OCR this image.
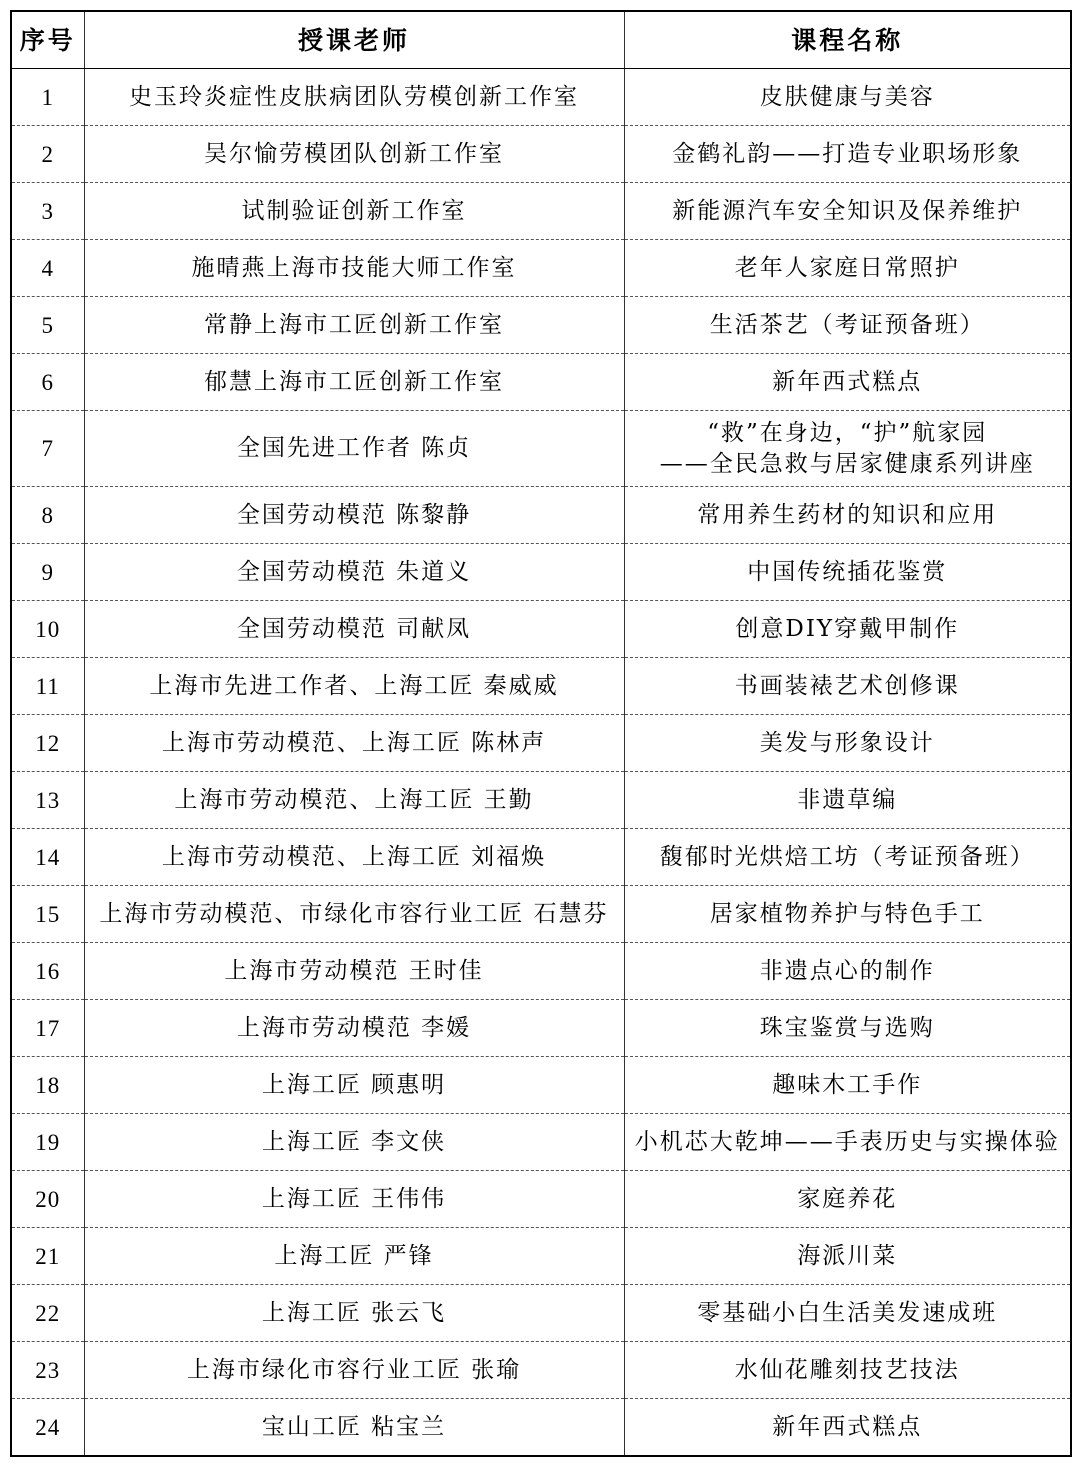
序号	授课老师	课程名称
1	史玉玲炎症性皮肤病团队劳模创新工作室	皮肤健康与美容
2	吴尔愉劳模团队创新工作室	金鹤礼韵——打造专业职场形象
3	试制验证创新工作室	新能源汽车安全知识及保养维护
4	施晴燕上海市技能大师工作室	老年人家庭日常照护
5	常静上海市工匠创新工作室	生活茶艺（考证预备班）
6	郁慧上海市工匠创新工作室	新年西式糕点
7	全国先进工作者 陈贞	“救”在身边，“护”航家园
——全民急救与居家健康系列讲座

8	全国劳动模范 陈黎静	常用养生药材的知识和应用
9	全国劳动模范 朱道义	中国传统插花鉴赏
10	全国劳动模范 司献凤	创意DIY穿戴甲制作
11	上海市先进工作者、上海工匠 秦威威	书画装裱艺术创修课
12	上海市劳动模范、上海工匠 陈林声	美发与形象设计
13	上海市劳动模范、上海工匠 王勤	非遗草编
14	上海市劳动模范、上海工匠 刘福焕	馥郁时光烘焙工坊（考证预备班）
15	上海市劳动模范、市绿化市容行业工匠 石慧芬	居家植物养护与特色手工
16	上海市劳动模范 王时佳	非遗点心的制作
17	上海市劳动模范 李媛	珠宝鉴赏与选购
18	上海工匠 顾惠明	趣味木工手作
19	上海工匠 李文侠	小机芯大乾坤——手表历史与实操体验
20	上海工匠 王伟伟	家庭养花
21	上海工匠 严锋	海派川菜
22	上海工匠 张云飞	零基础小白生活美发速成班
23	上海市绿化市容行业工匠 张瑜	水仙花雕刻技艺技法
24	宝山工匠 粘宝兰	新年西式糕点
